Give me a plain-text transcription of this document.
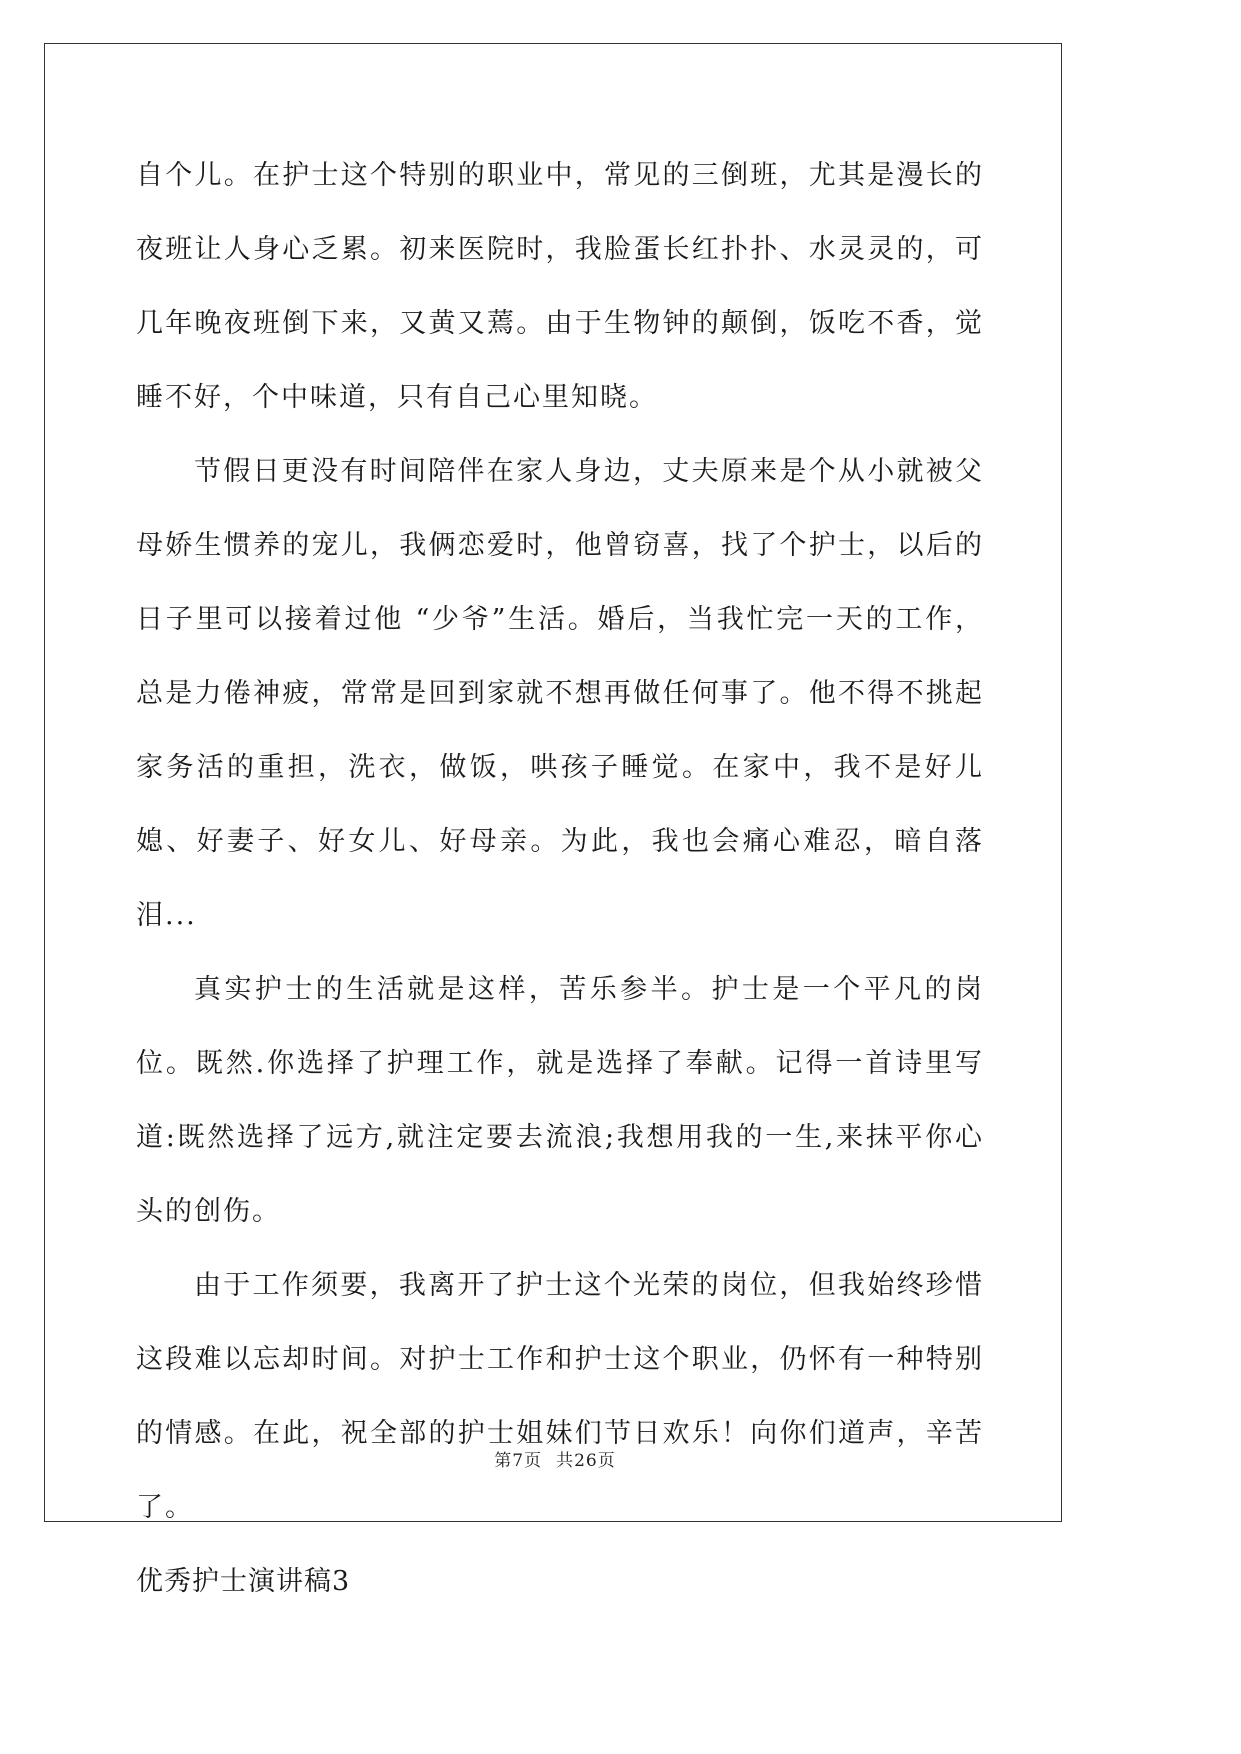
自个儿。在护士这个特别的职业中，常见的三倒班，尤其是漫长的夜班让人身心乏累。初来医院时，我脸蛋长红扑扑、水灵灵的，可几年晚夜班倒下来，又黄又蔫。由于生物钟的颠倒，饭吃不香，觉睡不好，个中味道，只有自己心里知晓。

节假日更没有时间陪伴在家人身边，丈夫原来是个从小就被父母娇生惯养的宠儿，我俩恋爱时，他曾窃喜，找了个护士，以后的日子里可以接着过他 “少爷”生活。婚后，当我忙完一天的工作，总是力倦神疲，常常是回到家就不想再做任何事了。他不得不挑起家务活的重担，洗衣，做饭，哄孩子睡觉。在家中，我不是好儿媳、好妻子、好女儿、好母亲。为此，我也会痛心难忍，暗自落泪...

真实护士的生活就是这样，苦乐参半。护士是一个平凡的岗位。既然.你选择了护理工作，就是选择了奉献。记得一首诗里写道:既然选择了远方,就注定要去流浪;我想用我的一生,来抹平你心头的创伤。

由于工作须要，我离开了护士这个光荣的岗位，但我始终珍惜这段难以忘却时间。对护士工作和护士这个职业，仍怀有一种特别的情感。在此，祝全部的护士姐妹们节日欢乐！向你们道声，辛苦了。

优秀护士演讲稿3

第7页 共26页
